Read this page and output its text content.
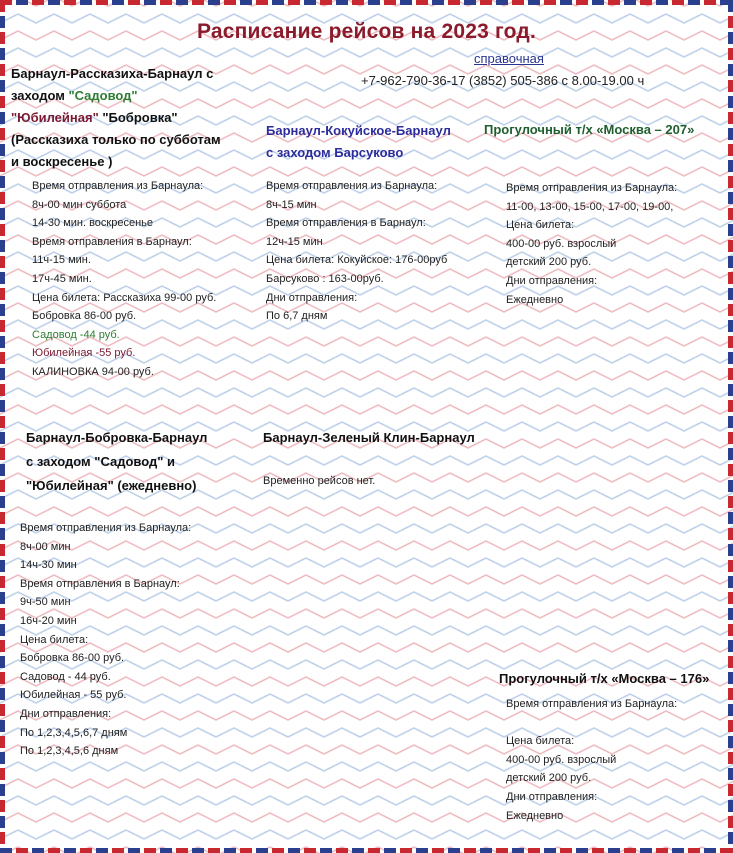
Расписание рейсов на 2023 год.
справочная
+7-962-790-36-17 (3852) 505-386 с 8.00-19.00 ч
Барнаул-Рассказиха-Барнаул с
заходом "Садовод"
"Юбилейная" "Бобровка"
(Рассказиха только по субботам
и воскресенье )
Время отправления из Барнаула:
8ч-00 мин суббота
14-30 мин. воскресенье
Время отправления в Барнаул:
11ч-15 мин.
17ч-45 мин.
Цена билета: Рассказиха 99-00 руб.
Бобровка 86-00 руб.
Садовод -44 руб.
Юбилейная -55 руб.
КАЛИНОВКА 94-00 руб.
Барнаул-Кокуйское-Барнаул
с заходом Барсуково
Время отправления из Барнаула:
8ч-15 мин
Время отправления в Барнаул:
12ч-15 мин
Цена билета: Кокуйское: 176-00руб
Барсуково : 163-00руб.
Дни отправления:
По 6,7 дням
Прогулочный т/х «Москва – 207»
Время отправления из Барнаула:
11-00, 13-00, 15-00, 17-00, 19-00,
Цена билета:
400-00 руб. взрослый
детский 200 руб.
Дни отправления:
Ежедневно
Барнаул-Бобровка-Барнаул
с заходом "Садовод" и
"Юбилейная" (ежедневно)
Время отправления из Барнаула:
8ч-00 мин
14ч-30 мин
Время отправления в Барнаул:
9ч-50 мин
16ч-20 мин
Цена билета:
Бобровка 86-00 руб.
Садовод - 44 руб.
Юбилейная - 55 руб.
Дни отправления:
По 1,2,3,4,5,6,7 дням
По 1,2,3,4,5,6 дням
Барнаул-Зеленый Клин-Барнаул
Временно рейсов нет.
Прогулочный т/х «Москва – 176»
Время отправления из Барнаула:
Цена билета:
400-00 руб. взрослый
детский 200 руб.
Дни отправления:
Ежедневно
